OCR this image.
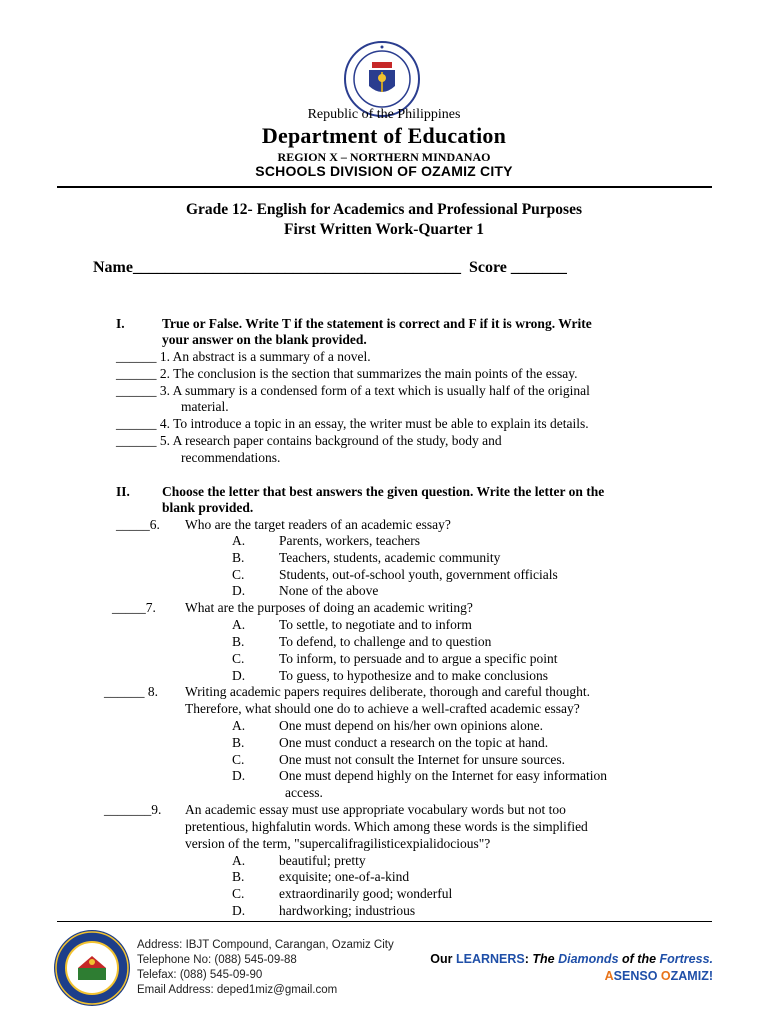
Republic of the Philippines
Department of Education
REGION X – NORTHERN MINDANAO
SCHOOLS DIVISION OF OZAMIZ CITY
Grade 12- English for Academics and Professional Purposes
First Written Work-Quarter 1
Name_________________________________________  Score _______
I.	True or False. Write T if the statement is correct and F if it is wrong. Write
your answer on the blank provided.
______ 1. An abstract is a summary of a novel.
______ 2. The conclusion is the section that summarizes the main points of the essay.
______ 3. A summary is a condensed form of a text which is usually half of the original
material.
______ 4. To introduce a topic in an essay, the writer must be able to explain its details.
______ 5. A research paper contains background of the study, body and
recommendations.
II. Choose the letter that best answers the given question. Write the letter on the
blank provided.
_____6. Who are the target readers of an academic essay?
A.	Parents, workers, teachers
B.	Teachers, students, academic community
C.	Students, out-of-school youth, government officials
D.	None of the above
_____7. What are the purposes of doing an academic writing?
A.	To settle, to negotiate and to inform
B.	To defend, to challenge and to question
C.	To inform, to persuade and to argue a specific point
D.	To guess, to hypothesize and to make conclusions
______ 8. Writing academic papers requires deliberate, thorough and careful thought.
Therefore, what should one do to achieve a well-crafted academic essay?
A.	One must depend on his/her own opinions alone.
B.	One must conduct a research on the topic at hand.
C.	One must not consult the Internet for unsure sources.
D.	One must depend highly on the Internet for easy information
access.
_______9. An academic essay must use appropriate vocabulary words but not too
pretentious, highfalutin words. Which among these words is the simplified
version of the term, "supercalifragilisticexpialidocious"?
A.	beautiful; pretty
B.	exquisite; one-of-a-kind
C.	extraordinarily good; wonderful
D.	hardworking; industrious
Address: IBJT Compound, Carangan, Ozamiz City
Telephone No: (088) 545-09-88
Telefax: (088) 545-09-90
Email Address: deped1miz@gmail.com
Our LEARNERS: The Diamonds of the Fortress.
ASENSO OZAMIZ!
